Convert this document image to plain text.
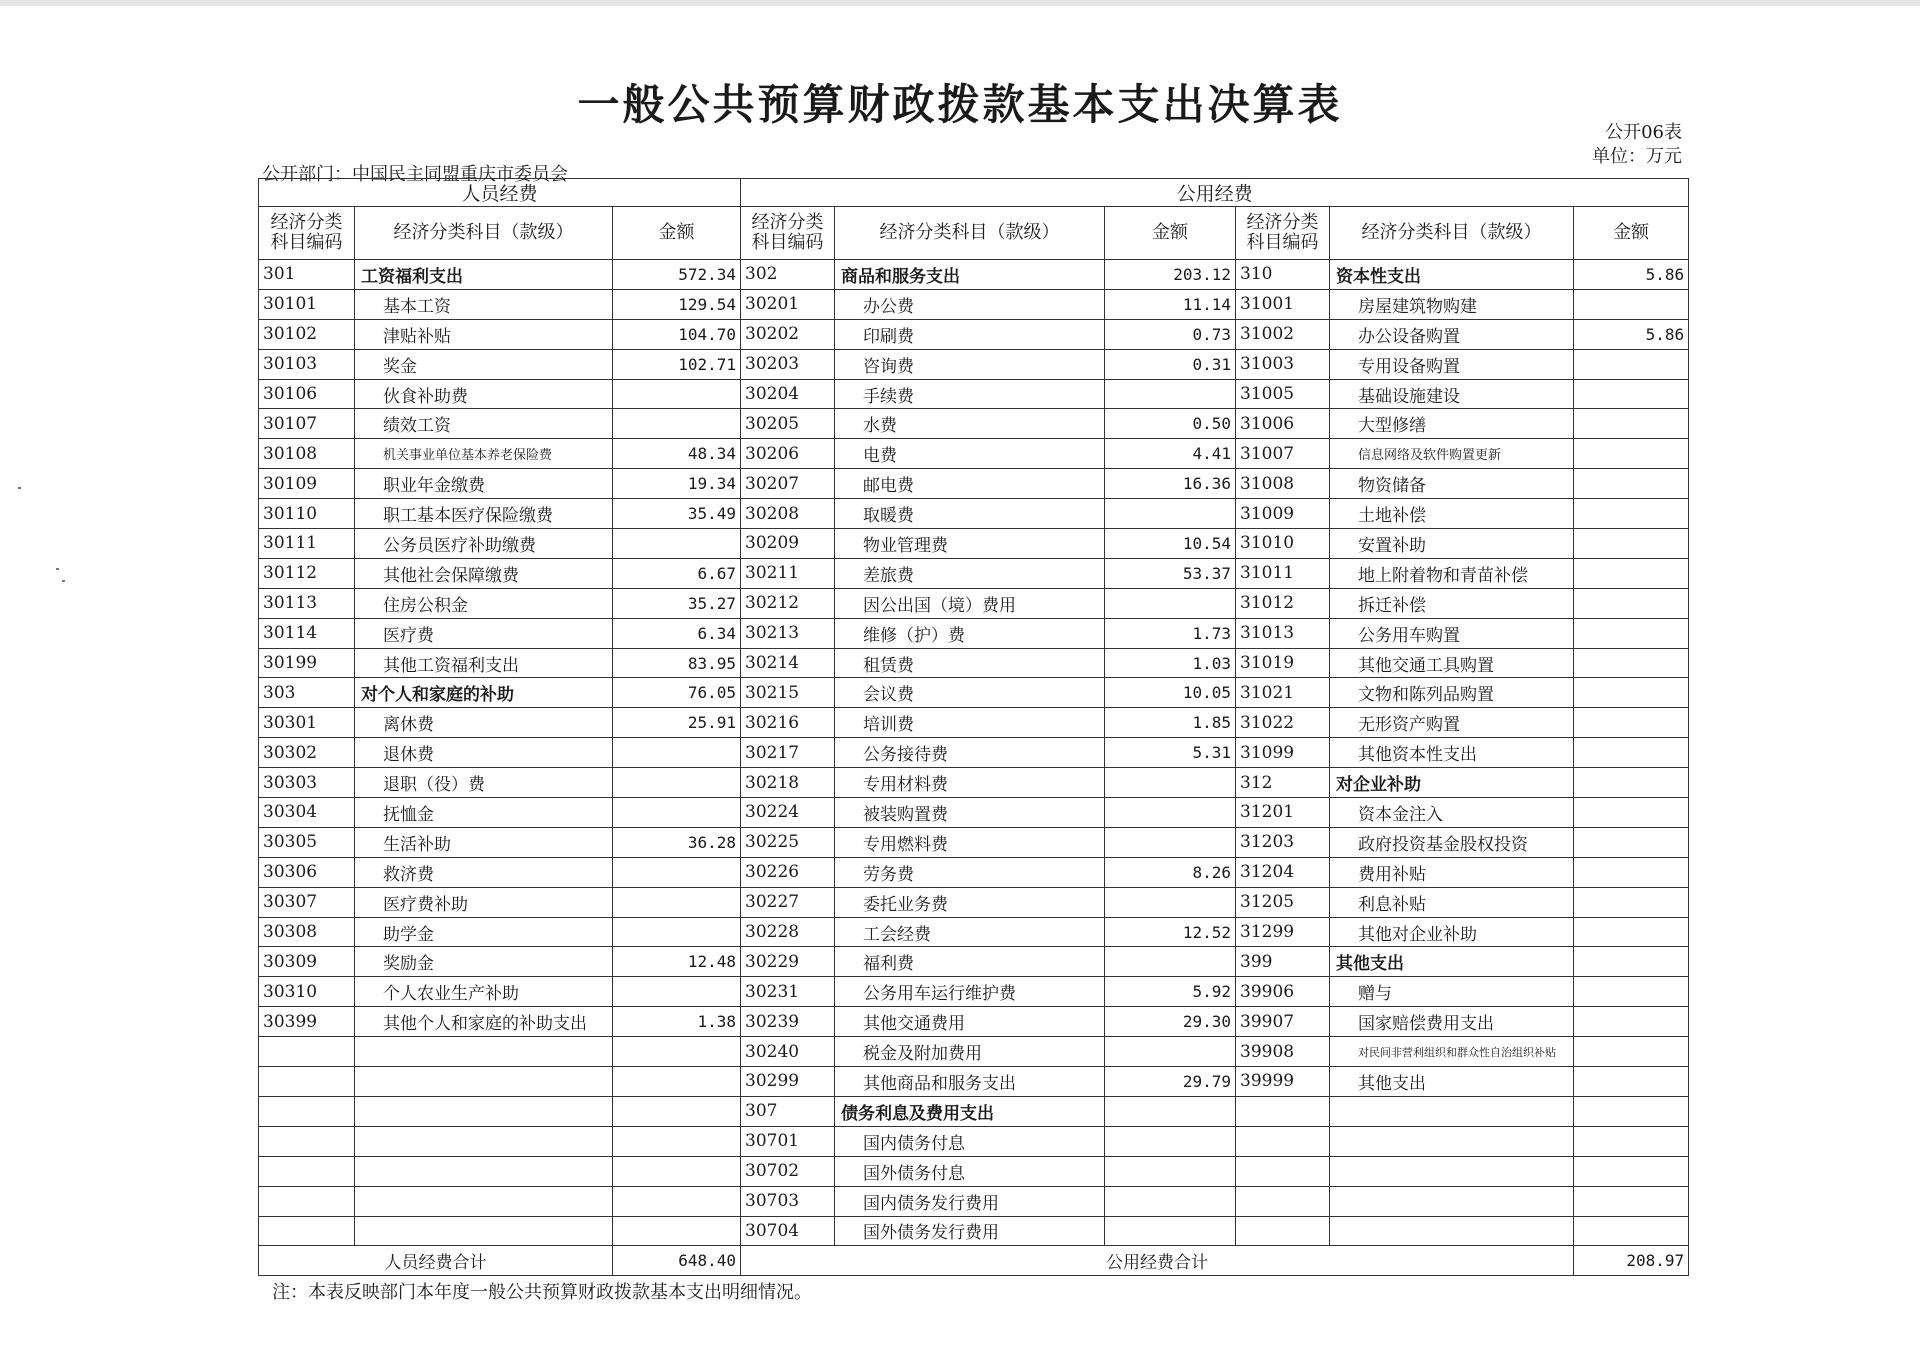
一般公共预算财政拨款基本支出决算表
公开06表
单位：万元
公开部门：中国民主同盟重庆市委员会
人员经费			公用经费					
经济分类科目编码	经济分类科目（款级）	金额	经济分类科目编码	经济分类科目（款级）	金额	经济分类科目编码	经济分类科目（款级）	金额
301	工资福利支出	572.34	302	商品和服务支出	203.12	310	资本性支出	5.86
30101	基本工资	129.54	30201	办公费	11.14	31001	房屋建筑物购建	
30102	津贴补贴	104.70	30202	印刷费	0.73	31002	办公设备购置	5.86
30103	奖金	102.71	30203	咨询费	0.31	31003	专用设备购置	
30106	伙食补助费		30204	手续费		31005	基础设施建设	
30107	绩效工资		30205	水费	0.50	31006	大型修缮	
30108	机关事业单位基本养老保险费	48.34	30206	电费	4.41	31007	信息网络及软件购置更新	
30109	职业年金缴费	19.34	30207	邮电费	16.36	31008	物资储备	
30110	职工基本医疗保险缴费	35.49	30208	取暖费		31009	土地补偿	
30111	公务员医疗补助缴费		30209	物业管理费	10.54	31010	安置补助	
30112	其他社会保障缴费	6.67	30211	差旅费	53.37	31011	地上附着物和青苗补偿	
30113	住房公积金	35.27	30212	因公出国（境）费用		31012	拆迁补偿	
30114	医疗费	6.34	30213	维修（护）费	1.73	31013	公务用车购置	
30199	其他工资福利支出	83.95	30214	租赁费	1.03	31019	其他交通工具购置	
303	对个人和家庭的补助	76.05	30215	会议费	10.05	31021	文物和陈列品购置	
30301	离休费	25.91	30216	培训费	1.85	31022	无形资产购置	
30302	退休费		30217	公务接待费	5.31	31099	其他资本性支出	
30303	退职（役）费		30218	专用材料费		312	对企业补助	
30304	抚恤金		30224	被装购置费		31201	资本金注入	
30305	生活补助	36.28	30225	专用燃料费		31203	政府投资基金股权投资	
30306	救济费		30226	劳务费	8.26	31204	费用补贴	
30307	医疗费补助		30227	委托业务费		31205	利息补贴	
30308	助学金		30228	工会经费	12.52	31299	其他对企业补助	
30309	奖励金	12.48	30229	福利费		399	其他支出	
30310	个人农业生产补助		30231	公务用车运行维护费	5.92	39906	赠与	
30399	其他个人和家庭的补助支出	1.38	30239	其他交通费用	29.30	39907	国家赔偿费用支出	
			30240	税金及附加费用		39908	对民间非营利组织和群众性自治组织补贴	
			30299	其他商品和服务支出	29.79	39999	其他支出	
			307	债务利息及费用支出				
			30701	国内债务付息				
			30702	国外债务付息				
			30703	国内债务发行费用				
			30704	国外债务发行费用				
人员经费合计		648.40	公用经费合计					208.97
注：本表反映部门本年度一般公共预算财政拨款基本支出明细情况。
